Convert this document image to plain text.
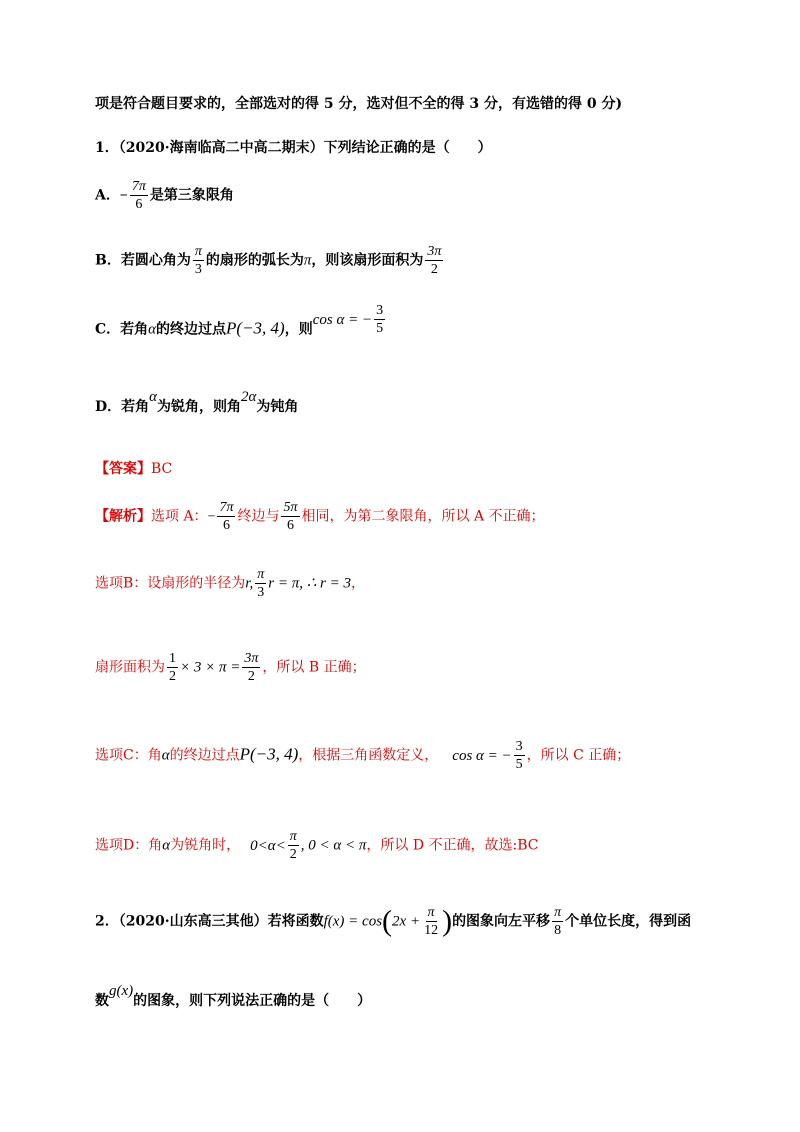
项是符合题目要求的，全部选对的得 5 分，选对但不全的得 3 分，有选错的得 0 分)
1．（2020·海南临高二中高二期末）下列结论正确的是（　　）
A．− $\frac{7\pi}{6}$ 是第三象限角
B．若圆心角为 $\frac{\pi}{3}$ 的扇形的弧长为π，则该扇形面积为 $\frac{3\pi}{2}$
C．若角α的终边过点P(−3, 4)，则cos α = − $\frac{3}{5}$
D．若角α为锐角，则角2α为钝角
【答案】BC
【解析】选项 A：− $\frac{7\pi}{6}$ 终边与 $\frac{5\pi}{6}$ 相同，为第二象限角，所以 A 不正确；
选项B：设扇形的半径为r, $\frac{\pi}{3}$ r = π, ∴ r = 3，
扇形面积为 $\frac{1}{2} \times 3 \times \pi = \frac{3\pi}{2}$ ，所以 B 正确；
选项C：角α的终边过点P(−3, 4)，根据三角函数定义， cos α = − $\frac{3}{5}$ ，所以 C 正确；
选项D：角α为锐角时， $0<\alpha< \frac{\pi}{2}$ , 0 < α < π，所以 D 不正确，故选:BC
2．（2020·山东高三其他）若将函数$f(x) = \cos(2x + \frac{\pi}{12}$ )的图象向左平移 $\frac{\pi}{8}$ 个单位长度，得到函
数g(x)的图象，则下列说法正确的是（　　）
